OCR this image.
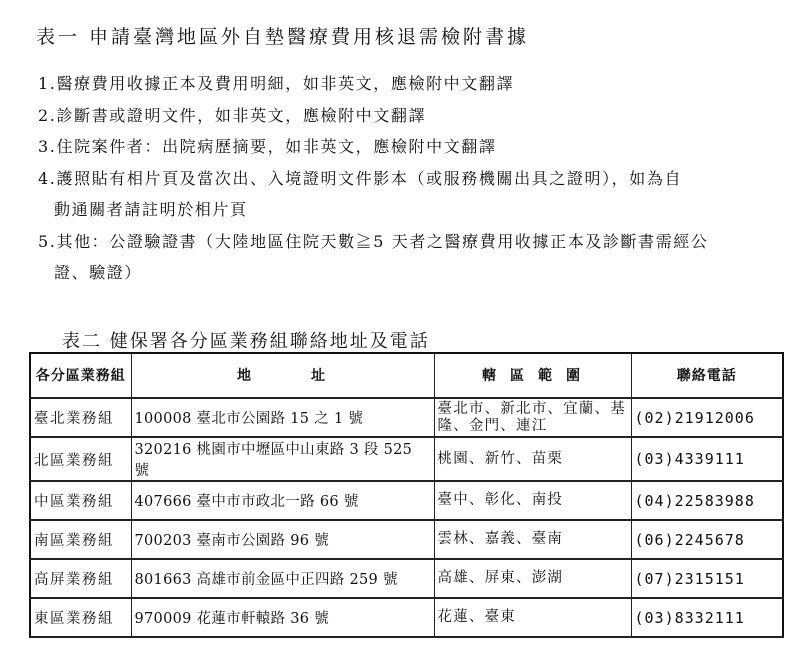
表一 申請臺灣地區外自墊醫療費用核退需檢附書據
1.醫療費用收據正本及費用明細，如非英文，應檢附中文翻譯
2.診斷書或證明文件，如非英文，應檢附中文翻譯
3.住院案件者：出院病歷摘要，如非英文，應檢附中文翻譯
4.護照貼有相片頁及當次出、入境證明文件影本（或服務機關出具之證明），如為自
動通關者請註明於相片頁
5.其他：公證驗證書（大陸地區住院天數≧5 天者之醫療費用收據正本及診斷書需經公
證、驗證）
表二 健保署各分區業務組聯絡地址及電話
各分區業務組	地址	轄區範圍	聯絡電話
臺北業務組	100008 臺北市公園路 15 之 1 號	臺北市、新北市、宜蘭、基隆、金門、連江	(02)21912006
北區業務組	320216 桃園市中壢區中山東路 3 段 525 號	桃園、新竹、苗栗	(03)4339111
中區業務組	407666 臺中市市政北一路 66 號	臺中、彰化、南投	(04)22583988
南區業務組	700203 臺南市公園路 96 號	雲林、嘉義、臺南	(06)2245678
高屏業務組	801663 高雄市前金區中正四路 259 號	高雄、屏東、澎湖	(07)2315151
東區業務組	970009 花蓮市軒轅路 36 號	花蓮、臺東	(03)8332111
